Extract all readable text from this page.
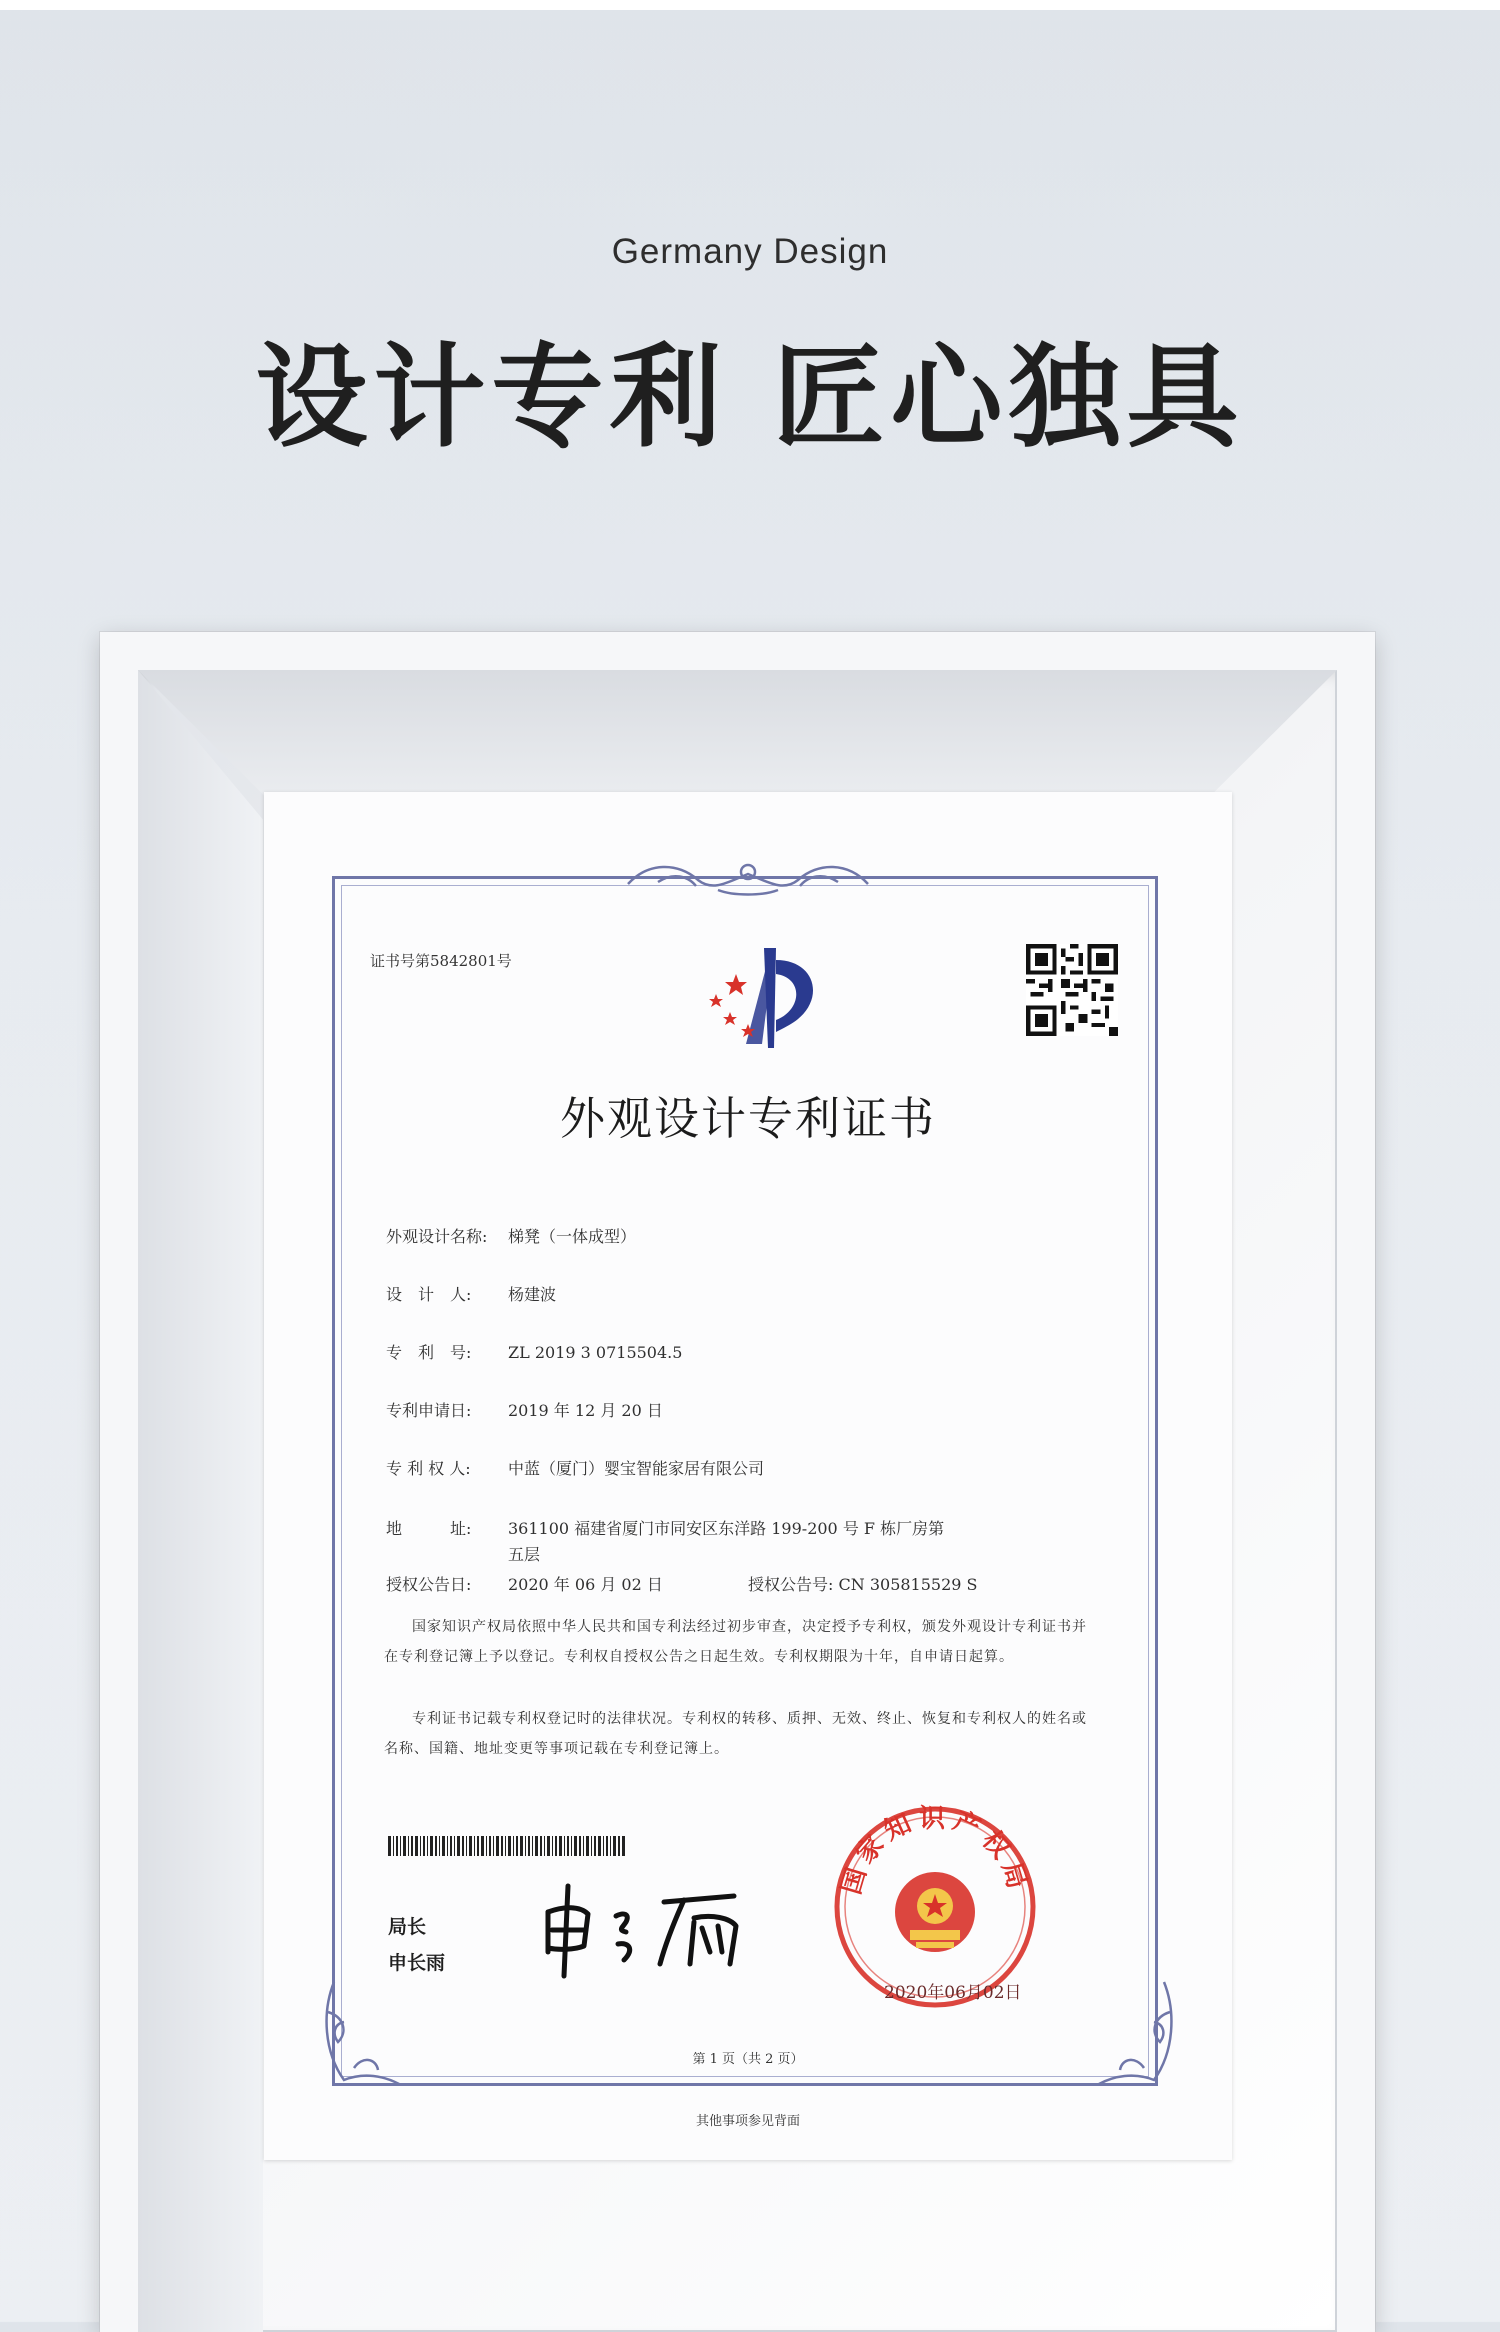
Germany Design
设计专利 匠心独具
证书号第5842801号
外观设计专利证书
外观设计名称: 梯凳（一体成型）
设　计　人: 杨建波
专　利　号: ZL 2019 3 0715504.5
专利申请日: 2019 年 12 月 20 日
专 利 权 人: 中蓝（厦门）婴宝智能家居有限公司
地　　　址: 361100 福建省厦门市同安区东洋路 199-200 号 F 栋厂房第
五层
授权公告日: 2020 年 06 月 02 日	授权公告号: CN 305815529 S
国家知识产权局依照中华人民共和国专利法经过初步审查，决定授予专利权，颁发外观设计专利证书并在专利登记簿上予以登记。专利权自授权公告之日起生效。专利权期限为十年，自申请日起算。
专利证书记载专利权登记时的法律状况。专利权的转移、质押、无效、终止、恢复和专利权人的姓名或名称、国籍、地址变更等事项记载在专利登记簿上。
局长
申长雨
国家知识产权局
2020年06月02日
第 1 页（共 2 页）
其他事项参见背面
